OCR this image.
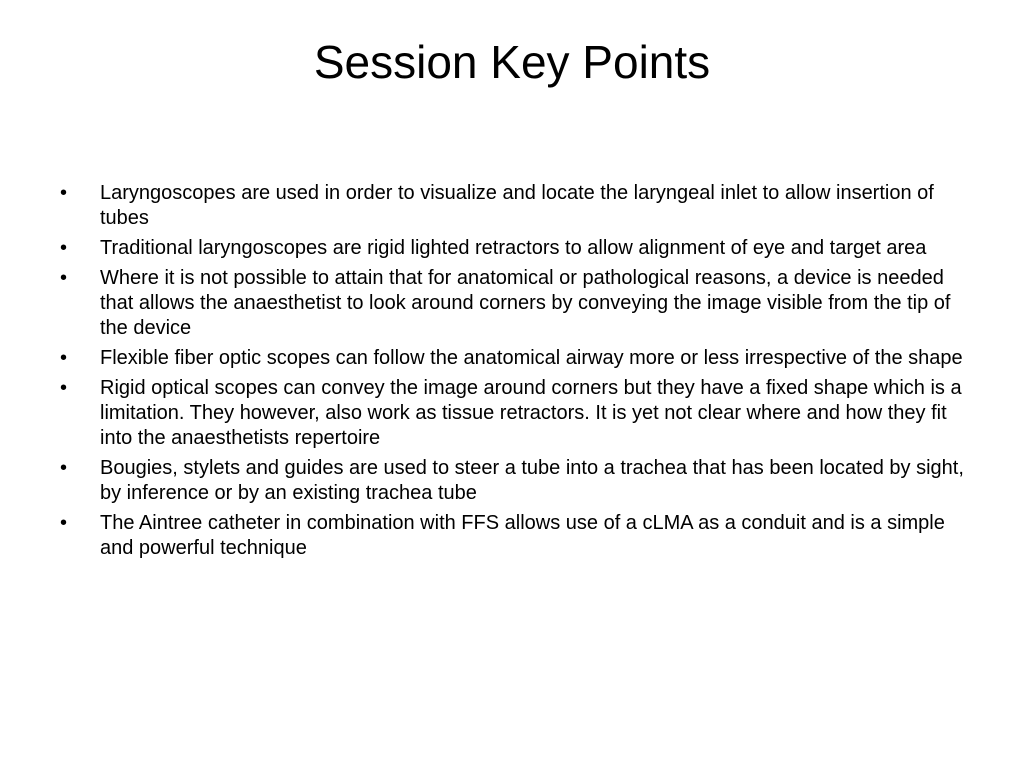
Session Key Points
• Laryngoscopes are used in order to visualize and locate the laryngeal inlet to allow insertion of tubes
• Traditional laryngoscopes are rigid lighted retractors to allow alignment of eye and target area
• Where it is not possible to attain that for anatomical or pathological reasons, a device is needed that allows the anaesthetist to look around corners by conveying the image visible from the tip of the device
• Flexible fiber optic scopes can follow the anatomical airway more or less irrespective of the shape
• Rigid optical scopes can convey the image around corners but they have a fixed shape which is a limitation. They however, also work as tissue retractors. It is yet not clear where and how they fit into the anaesthetists repertoire
• Bougies, stylets and guides are used to steer a tube into a trachea that has been located by sight, by inference or by an existing trachea tube
• The Aintree catheter in combination with FFS allows use of a cLMA as a conduit and is a simple and powerful technique
